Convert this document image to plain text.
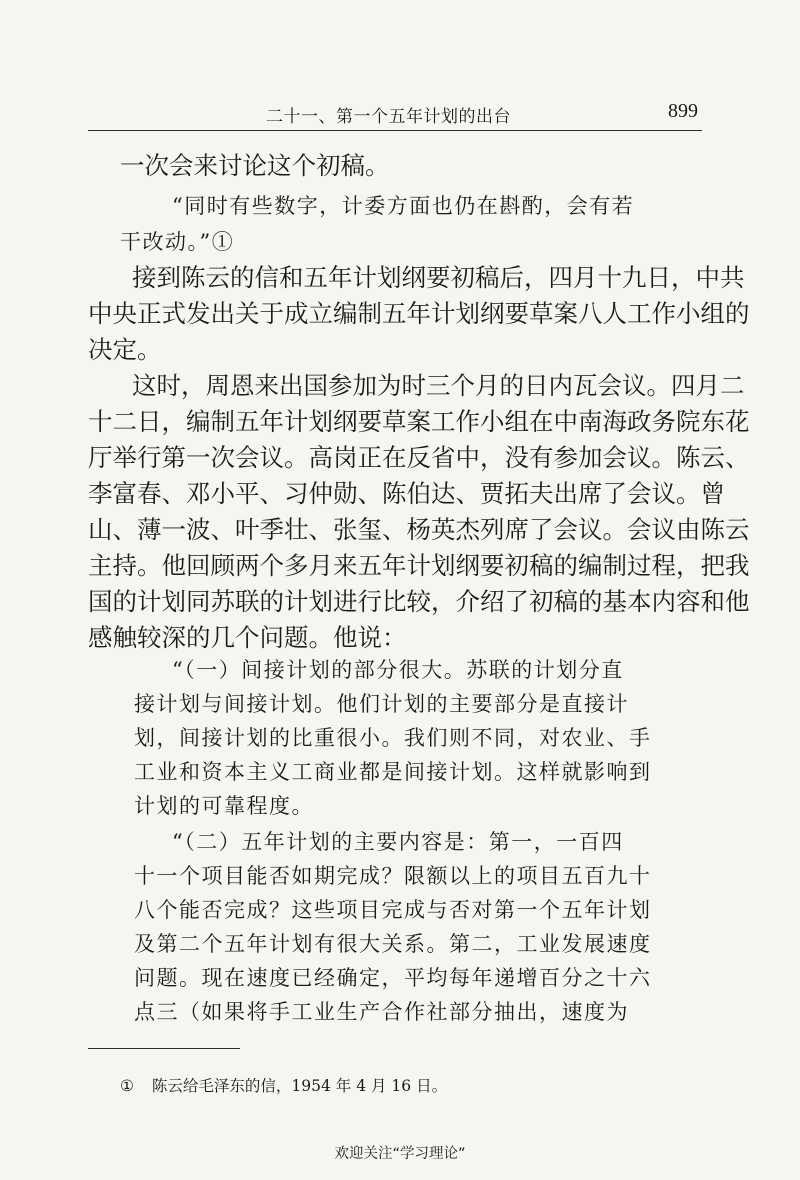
二十一、第一个五年计划的出台	899
一次会来讨论这个初稿。
“同时有些数字，计委方面也仍在斟酌，会有若
干改动。”①
接到陈云的信和五年计划纲要初稿后，四月十九日，中共
中央正式发出关于成立编制五年计划纲要草案八人工作小组的
决定。
这时，周恩来出国参加为时三个月的日内瓦会议。四月二
十二日，编制五年计划纲要草案工作小组在中南海政务院东花
厅举行第一次会议。高岗正在反省中，没有参加会议。陈云、
李富春、邓小平、习仲勋、陈伯达、贾拓夫出席了会议。曾
山、薄一波、叶季壮、张玺、杨英杰列席了会议。会议由陈云
主持。他回顾两个多月来五年计划纲要初稿的编制过程，把我
国的计划同苏联的计划进行比较，介绍了初稿的基本内容和他
感触较深的几个问题。他说：
“（一）间接计划的部分很大。苏联的计划分直
接计划与间接计划。他们计划的主要部分是直接计
划，间接计划的比重很小。我们则不同，对农业、手
工业和资本主义工商业都是间接计划。这样就影响到
计划的可靠程度。
“（二）五年计划的主要内容是：第一，一百四
十一个项目能否如期完成？限额以上的项目五百九十
八个能否完成？这些项目完成与否对第一个五年计划
及第二个五年计划有很大关系。第二，工业发展速度
问题。现在速度已经确定，平均每年递增百分之十六
点三（如果将手工业生产合作社部分抽出，速度为
① 陈云给毛泽东的信，1954 年 4 月 16 日。
欢迎关注“学习理论”
